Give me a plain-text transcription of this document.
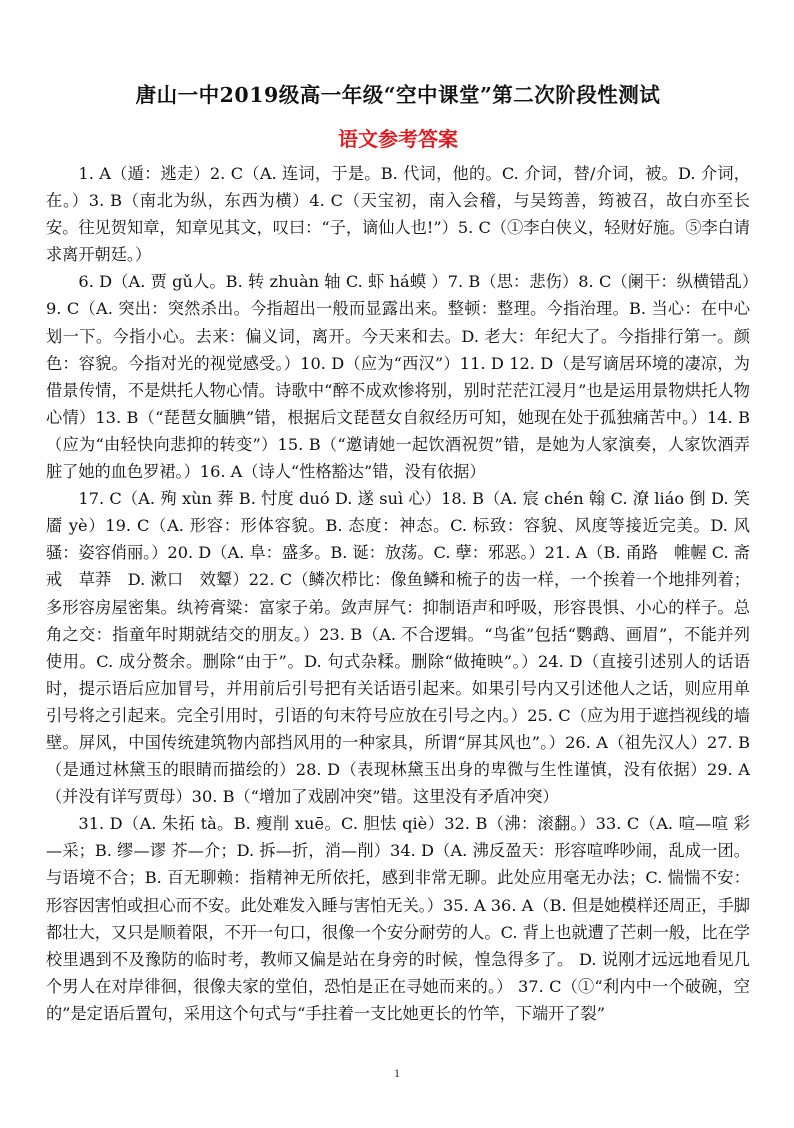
唐山一中2019级高一年级“空中课堂”第二次阶段性测试
语文参考答案

1. A（遁：逃走）2. C（A. 连词，于是。B. 代词，他的。C. 介词，替/介词，被。D. 介词，在。）3. B（南北为纵，东西为横）4. C（天宝初，南入会稽，与吴筠善，筠被召，故白亦至长安。往见贺知章，知章见其文，叹曰：“子，谪仙人也!”）5. C（①李白侠义，轻财好施。⑤李白请求离开朝廷。）

6. D（A. 贾 gǔ人。B. 转 zhuàn 轴 C. 虾 há蟆 ）7. B（思：悲伤）8. C（阑干：纵横错乱）9. C（A. 突出：突然杀出。今指超出一般而显露出来。整顿：整理。今指治理。B. 当心：在中心划一下。今指小心。去来：偏义词，离开。今天来和去。D. 老大：年纪大了。今指排行第一。颜色：容貌。今指对光的视觉感受。）10. D（应为“西汉”）11. D 12. D（是写谪居环境的凄凉，为借景传情，不是烘托人物心情。诗歌中“醉不成欢惨将别，别时茫茫江浸月”也是运用景物烘托人物心情）13. B（“琵琶女腼腆”错，根据后文琵琶女自叙经历可知，她现在处于孤独痛苦中。）14. B（应为“由轻快向悲抑的转变”）15. B（“邀请她一起饮酒祝贺”错，是她为人家演奏，人家饮酒弄脏了她的血色罗裙。）16. A（诗人“性格豁达”错，没有依据）

17. C（A. 殉 xùn 葬 B. 忖度 duó D. 遂 suì 心）18. B（A. 宸 chén 翰 C. 潦 liáo 倒 D. 笑靥 yè）19. C（A. 形容：形体容貌。B. 态度：神态。C. 标致：容貌、风度等接近完美。D. 风骚：姿容俏丽。）20. D（A. 阜：盛多。B. 诞：放荡。C. 孽：邪恶。）21. A（B. 甬路　帷幄 C. 斋戒　草莽　D. 漱口　效颦）22. C（鳞次栉比：像鱼鳞和梳子的齿一样，一个挨着一个地排列着；多形容房屋密集。纨袴膏粱：富家子弟。敛声屏气：抑制语声和呼吸，形容畏惧、小心的样子。总角之交：指童年时期就结交的朋友。）23. B（A. 不合逻辑。“鸟雀”包括“鹦鹉、画眉”，不能并列使用。C. 成分赘余。删除“由于”。D. 句式杂糅。删除“做掩映”。）24. D（直接引述别人的话语时，提示语后应加冒号，并用前后引号把有关话语引起来。如果引号内又引述他人之话，则应用单引号将之引起来。完全引用时，引语的句末符号应放在引号之内。）25. C（应为用于遮挡视线的墙壁。屏风，中国传统建筑物内部挡风用的一种家具，所谓“屏其风也”。）26. A（祖先汉人）27. B（是通过林黛玉的眼睛而描绘的）28. D（表现林黛玉出身的卑微与生性谨慎，没有依据）29. A（并没有详写贾母）30. B（“增加了戏剧冲突”错。这里没有矛盾冲突）

31. D（A. 朱拓 tà。B. 瘦削 xuē。C. 胆怯 qiè）32. B（沸：滚翻。）33. C（A. 喧—喧 彩—采；B. 缪—谬 芥—介；D. 拆—折，消—削）34. D（A. 沸反盈天：形容喧哗吵闹，乱成一团。与语境不合；B. 百无聊赖：指精神无所依托，感到非常无聊。此处应用毫无办法；C. 惴惴不安：形容因害怕或担心而不安。此处难发入睡与害怕无关。）35. A 36. A（B. 但是她模样还周正，手脚都壮大，又只是顺着限，不开一句口，很像一个安分耐劳的人。C. 背上也就遭了芒刺一般，比在学校里遇到不及豫防的临时考，教师又偏是站在身旁的时候，惶急得多了。 D. 说刚才远远地看见几个男人在对岸徘徊，很像夫家的堂伯，恐怕是正在寻她而来的。） 37. C（①“利内中一个破碗，空的”是定语后置句，采用这个句式与“手拄着一支比她更长的竹竿，下端开了裂”

1
